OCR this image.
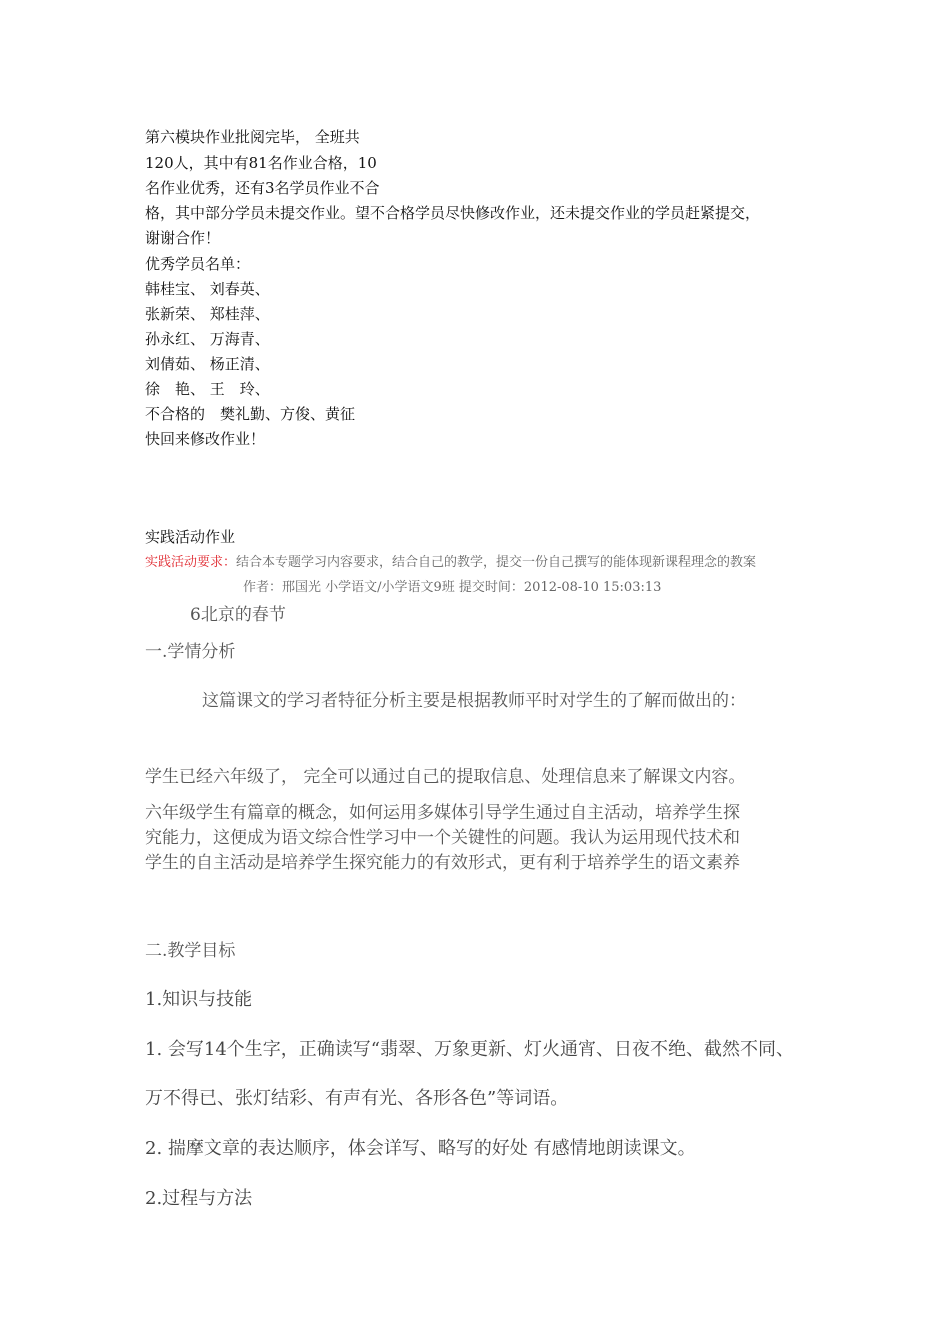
第六模块作业批阅完毕， 全班共
120人，其中有81名作业合格，10
名作业优秀，还有3名学员作业不合
格，其中部分学员未提交作业。望不合格学员尽快修改作业，还未提交作业的学员赶紧提交，
谢谢合作！
优秀学员名单：
韩桂宝、 刘春英、
张新荣、 郑桂萍、
孙永红、 万海青、
刘倩茹、 杨正清、
徐　艳、 王　玲、
不合格的　樊礼勤、方俊、黄征
快回来修改作业！
实践活动作业
实践活动要求：结合本专题学习内容要求，结合自己的教学，提交一份自己撰写的能体现新课程理念的教案
作者：邢国光 小学语文/小学语文9班 提交时间：2012-08-10 15:03:13
6北京的春节
一.学情分析
这篇课文的学习者特征分析主要是根据教师平时对学生的了解而做出的：
学生已经六年级了， 完全可以通过自己的提取信息、处理信息来了解课文内容。
六年级学生有篇章的概念，如何运用多媒体引导学生通过自主活动，培养学生探
究能力，这便成为语文综合性学习中一个关键性的问题。我认为运用现代技术和
学生的自主活动是培养学生探究能力的有效形式，更有利于培养学生的语文素养
二.教学目标
1.知识与技能
1. 会写14个生字，正确读写“翡翠、万象更新、灯火通宵、日夜不绝、截然不同、
万不得已、张灯结彩、有声有光、各形各色”等词语。
2. 揣摩文章的表达顺序，体会详写、略写的好处 有感情地朗读课文。
2.过程与方法
